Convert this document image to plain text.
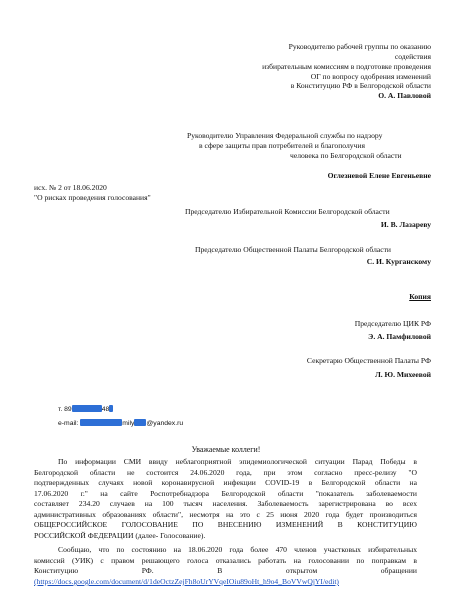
Руководителю рабочей группы по оказанию
содействия
избирательным комиссиям в подготовке проведения
ОГ по вопросу одобрения изменений
в Конституцию РФ в Белгородской области
О. А. Павловой
Руководителю Управления Федеральной службы по надзору
в сфере защиты прав потребителей и благополучия
человека по Белгородской области
Оглезневой Елене Евгеньевне
исх. № 2 от 18.06.2020
"О рисках проведения голосования"
Председателю Избирательной Комиссии Белгородской области
И. В. Лазареву
Председателю Общественной Палаты Белгородской области
С. И. Курганскому
Копия
Председателю ЦИК РФ
Э. А. Памфиловой
Секретарю Общественной Палаты РФ
Л. Ю. Михеевой
т. 89	48
e-mail:	mily @yandex.ru
Уважаемые коллеги!
По информации СМИ ввиду неблагоприятной эпидемиологической ситуации Парад Победы в
Белгородской области не состоится 24.06.2020 года, при этом согласно пресс-релизу "О
подтвержденных случаях новой коронавирусной инфекции COVID-19 в Белгородской области на
17.06.2020 г." на сайте Роспотребнадзора Белгородской области "показатель заболеваемости
составляет 234.20 случаев на 100 тысяч населения. Заболеваемость зарегистрирована во всех
административных образованиях области", несмотря на это с 25 июня 2020 года будет производиться
ОБЩЕРОССИЙСКОЕ ГОЛОСОВАНИЕ ПО ВНЕСЕНИЮ ИЗМЕНЕНИЙ В КОНСТИТУЦИЮ
РОССИЙСКОЙ ФЕДЕРАЦИИ (далее- Голосование).
Сообщаю, что по состоянию на 18.06.2020 года более 470 членов участковых избирательных
комиссий (УИК) с правом решающего голоса отказались работать на голосовании по поправкам в
Конституцию РФ. В открытом обращении
(https://docs.google.com/document/d/1deOctzZejFh8oUrYVqeIOiu89oHt_h9o4_BoVVwQjYI/edit)
